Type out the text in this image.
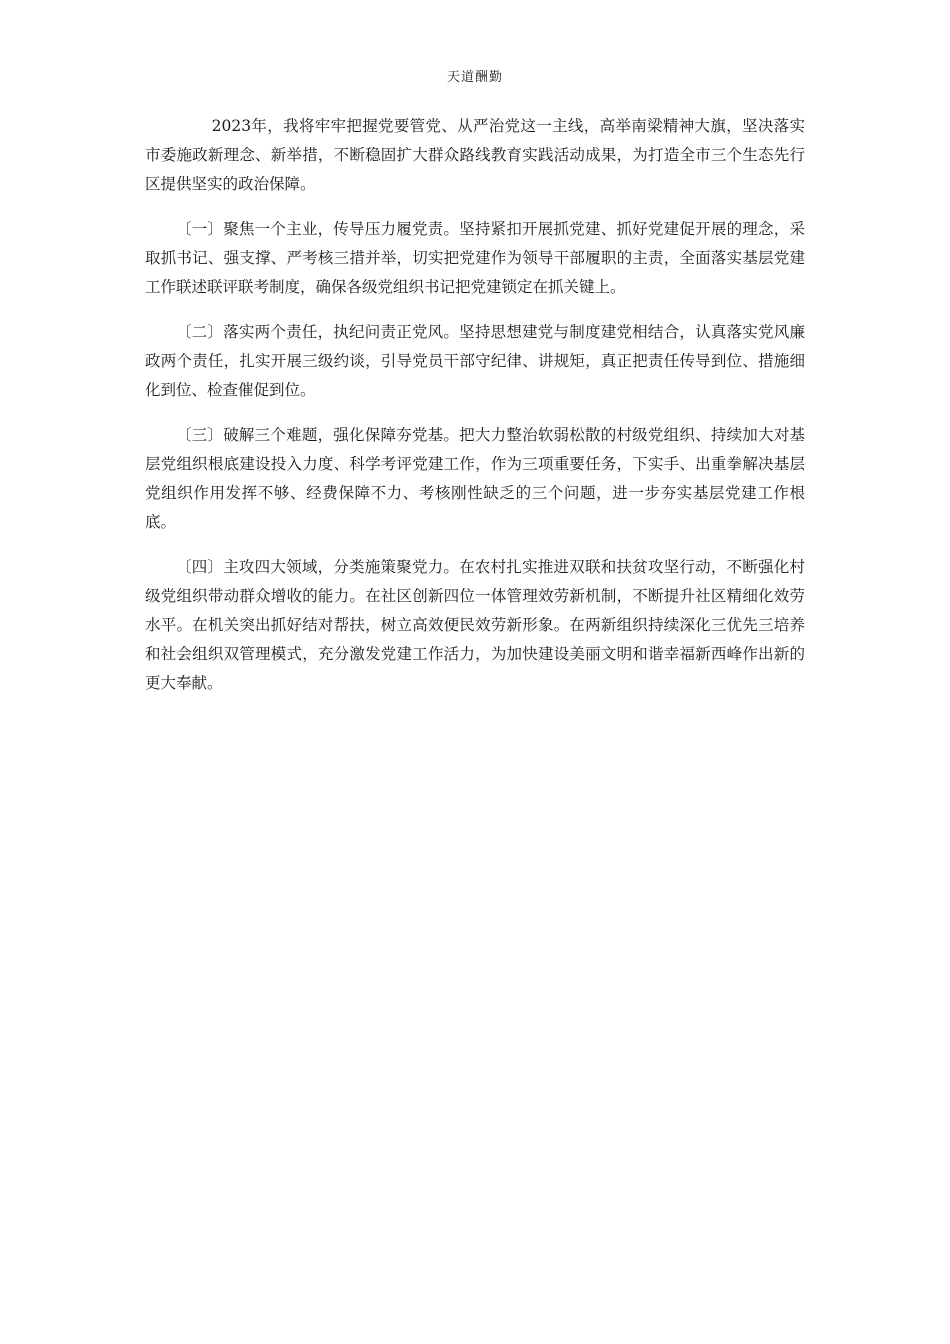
天道酬勤

2023年，我将牢牢把握党要管党、从严治党这一主线，高举南梁精神大旗，坚决落实市委施政新理念、新举措，不断稳固扩大群众路线教育实践活动成果，为打造全市三个生态先行区提供坚实的政治保障。

〔一〕聚焦一个主业，传导压力履党责。坚持紧扣开展抓党建、抓好党建促开展的理念，采取抓书记、强支撑、严考核三措并举，切实把党建作为领导干部履职的主责，全面落实基层党建工作联述联评联考制度，确保各级党组织书记把党建锁定在抓关键上。

〔二〕落实两个责任，执纪问责正党风。坚持思想建党与制度建党相结合，认真落实党风廉政两个责任，扎实开展三级约谈，引导党员干部守纪律、讲规矩，真正把责任传导到位、措施细化到位、检查催促到位。

〔三〕破解三个难题，强化保障夯党基。把大力整治软弱松散的村级党组织、持续加大对基层党组织根底建设投入力度、科学考评党建工作，作为三项重要任务，下实手、出重拳解决基层党组织作用发挥不够、经费保障不力、考核刚性缺乏的三个问题，进一步夯实基层党建工作根底。

〔四〕主攻四大领域，分类施策聚党力。在农村扎实推进双联和扶贫攻坚行动，不断强化村级党组织带动群众增收的能力。在社区创新四位一体管理效劳新机制，不断提升社区精细化效劳水平。在机关突出抓好结对帮扶，树立高效便民效劳新形象。在两新组织持续深化三优先三培养和社会组织双管理模式，充分激发党建工作活力，为加快建设美丽文明和谐幸福新西峰作出新的更大奉献。
